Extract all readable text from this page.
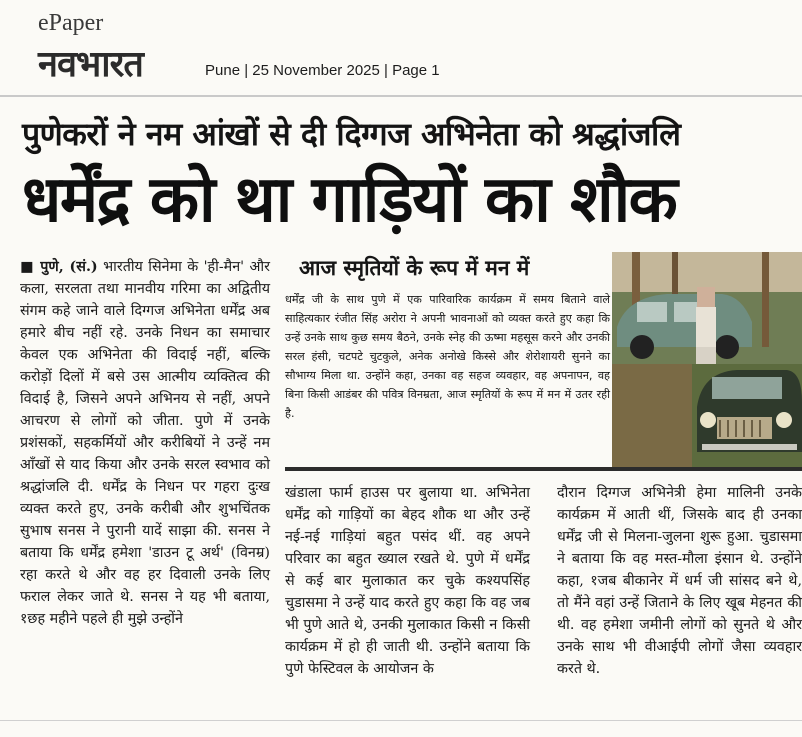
ePaper
नवभारत	Pune | 25 November 2025 | Page 1
पुणेकरों ने नम आंखों से दी दिग्गज अभिनेता को श्रद्धांजलि
धर्मेंद्र को था गाड़ियों का शौक
■ पुणे, (सं.) भारतीय सिनेमा के 'ही-मैन' और कला, सरलता तथा मानवीय गरिमा का अद्वितीय संगम कहे जाने वाले दिग्गज अभिनेता धर्मेंद्र अब हमारे बीच नहीं रहे. उनके निधन का समाचार केवल एक अभिनेता की विदाई नहीं, बल्कि करोड़ों दिलों में बसे उस आत्मीय व्यक्तित्व की विदाई है, जिसने अपने अभिनय से नहीं, अपने आचरण से लोगों को जीता. पुणे में उनके प्रशंसकों, सहकर्मियों और करीबियों ने उन्हें नम आँखों से याद किया और उनके सरल स्वभाव को श्रद्धांजलि दी. धर्मेंद्र के निधन पर गहरा दुःख व्यक्त करते हुए, उनके करीबी और शुभचिंतक सुभाष सनस ने पुरानी यादें साझा की. सनस ने बताया कि धर्मेंद्र हमेशा 'डाउन टू अर्थ' (विनम्र) रहा करते थे और वह हर दिवाली उनके लिए फराल लेकर जाते थे. सनस ने यह भी बताया, १छह महीने पहले ही मुझे उन्होंने
आज स्मृतियों के रूप में मन में
धर्मेंद्र जी के साथ पुणे में एक पारिवारिक कार्यक्रम में समय बिताने वाले साहित्यकार रंजीत सिंह अरोरा ने अपनी भावनाओं को व्यक्त करते हुए कहा कि उन्हें उनके साथ कुछ समय बैठने, उनके स्नेह की ऊष्मा महसूस करने और उनकी सरल हंसी, चटपटे चुटकुले, अनेक अनोखे किस्से और शेरोशायरी सुनने का सौभाग्य मिला था. उन्होंने कहा, उनका वह सहज व्यवहार, वह अपनापन, वह बिना किसी आडंबर की पवित्र विनम्रता, आज स्मृतियों के रूप में मन में उतर रही है.
खंडाला फार्म हाउस पर बुलाया था. अभिनेता धर्मेंद्र को गाड़ियों का बेहद शौक था और उन्हें नई-नई गाड़ियां बहुत पसंद थीं. वह अपने परिवार का बहुत ख्याल रखते थे. पुणे में धर्मेंद्र से कई बार मुलाकात कर चुके कश्यपसिंह चुडासमा ने उन्हें याद करते हुए कहा कि वह जब भी पुणे आते थे, उनकी मुलाकात किसी न किसी कार्यक्रम में हो ही जाती थी. उन्होंने बताया कि पुणे फेस्टिवल के आयोजन के
दौरान दिग्गज अभिनेत्री हेमा मालिनी उनके कार्यक्रम में आती थीं, जिसके बाद ही उनका धर्मेंद्र जी से मिलना-जुलना शुरू हुआ. चुडासमा ने बताया कि वह मस्त-मौला इंसान थे. उन्होंने कहा, १जब बीकानेर में धर्म जी सांसद बने थे, तो मैंने वहां उन्हें जिताने के लिए खूब मेहनत की थी. वह हमेशा जमीनी लोगों को सुनते थे और उनके साथ भी वीआईपी लोगों जैसा व्यवहार करते थे.
